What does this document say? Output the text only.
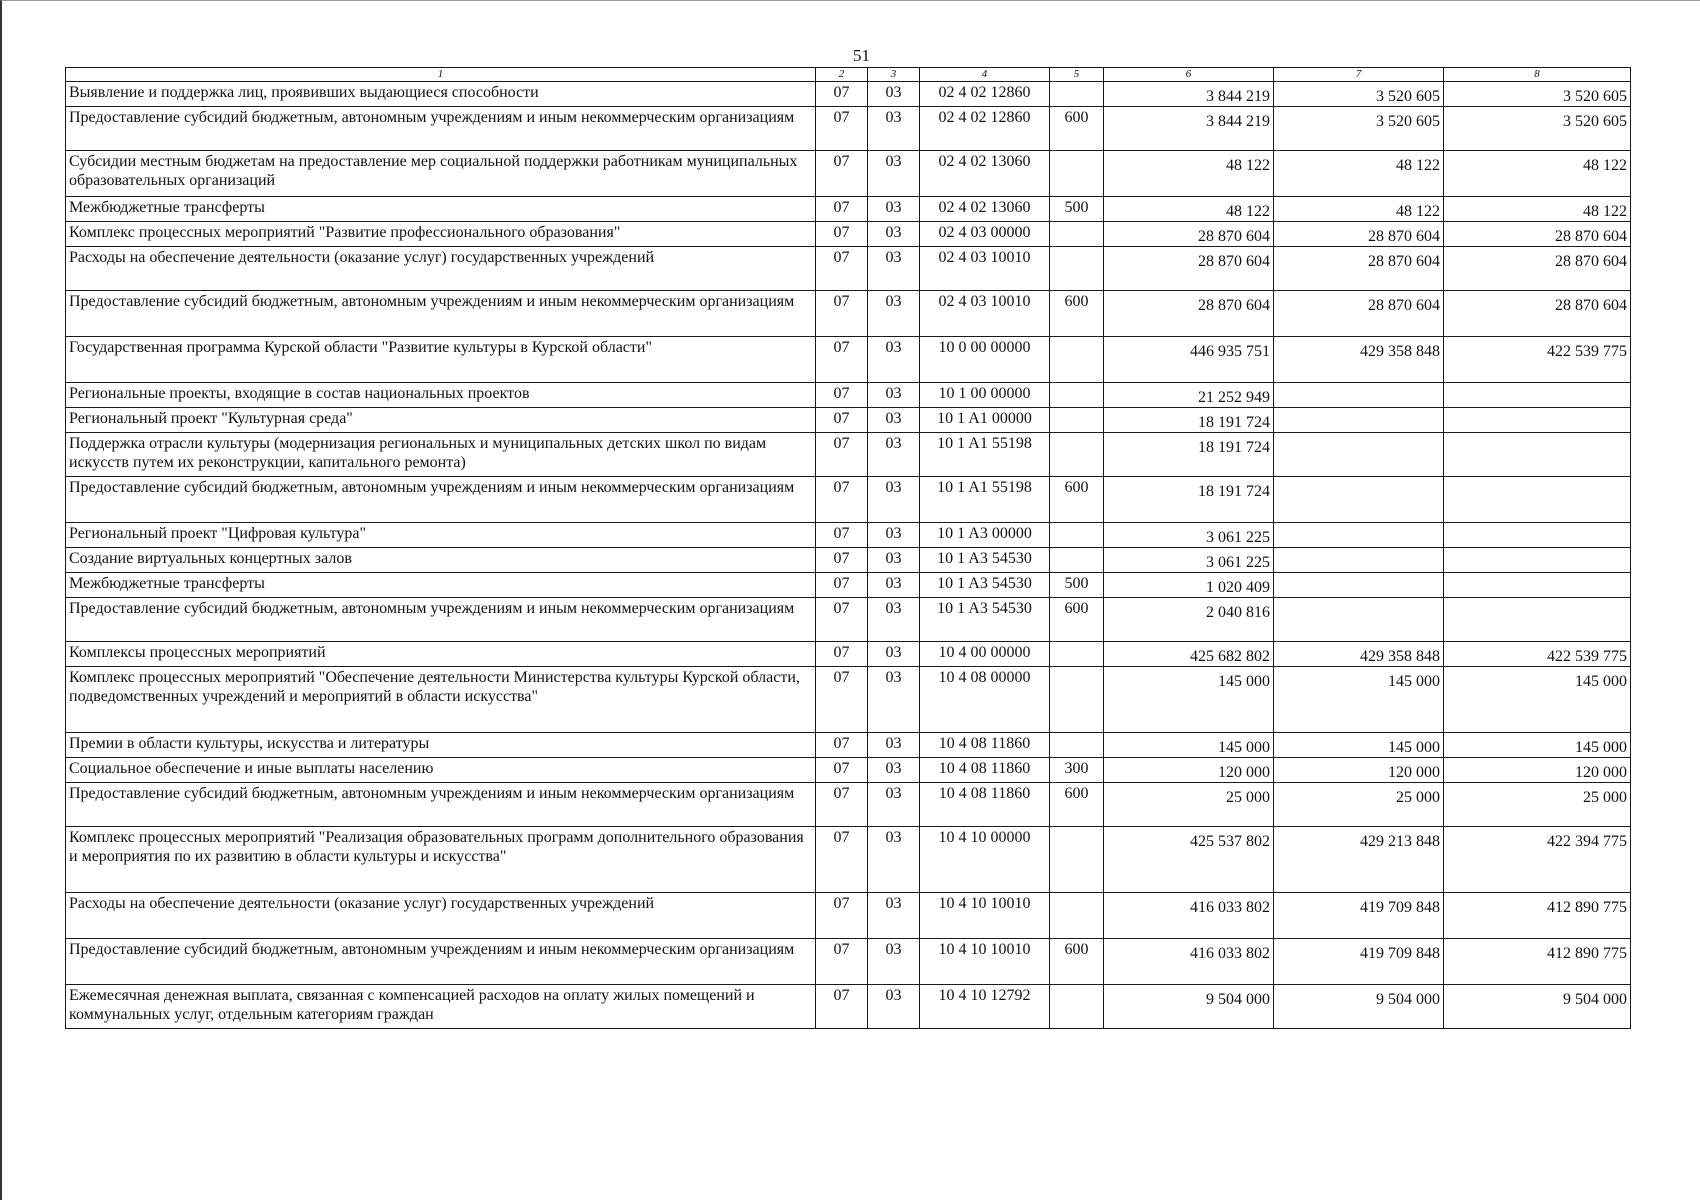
51
1	2	3	4	5	6	7	8
Выявление и поддержка лиц, проявивших выдающиеся способности	07	03	02 4 02 12860		3 844 219	3 520 605	3 520 605
Предоставление субсидий бюджетным, автономным учреждениям и иным некоммерческим организациям	07	03	02 4 02 12860	600	3 844 219	3 520 605	3 520 605
Субсидии местным бюджетам на предоставление мер социальной поддержки работникам муниципальных образовательных организаций	07	03	02 4 02 13060		48 122	48 122	48 122
Межбюджетные трансферты	07	03	02 4 02 13060	500	48 122	48 122	48 122
Комплекс процессных мероприятий "Развитие профессионального образования"	07	03	02 4 03 00000		28 870 604	28 870 604	28 870 604
Расходы на обеспечение деятельности (оказание услуг) государственных учреждений	07	03	02 4 03 10010		28 870 604	28 870 604	28 870 604
Предоставление субсидий бюджетным, автономным учреждениям и иным некоммерческим организациям	07	03	02 4 03 10010	600	28 870 604	28 870 604	28 870 604
Государственная программа Курской области "Развитие культуры в Курской области"	07	03	10 0 00 00000		446 935 751	429 358 848	422 539 775
Региональные проекты, входящие в состав национальных проектов	07	03	10 1 00 00000		21 252 949		
Региональный проект "Культурная среда"	07	03	10 1 A1 00000		18 191 724		
Поддержка отрасли культуры (модернизация региональных и муниципальных детских школ по видам искусств путем их реконструкции, капитального ремонта)	07	03	10 1 A1 55198		18 191 724		
Предоставление субсидий бюджетным, автономным учреждениям и иным некоммерческим организациям	07	03	10 1 A1 55198	600	18 191 724		
Региональный проект "Цифровая культура"	07	03	10 1 A3 00000		3 061 225		
Создание виртуальных концертных залов	07	03	10 1 A3 54530		3 061 225		
Межбюджетные трансферты	07	03	10 1 A3 54530	500	1 020 409		
Предоставление субсидий бюджетным, автономным учреждениям и иным некоммерческим организациям	07	03	10 1 A3 54530	600	2 040 816		
Комплексы процессных мероприятий	07	03	10 4 00 00000		425 682 802	429 358 848	422 539 775
Комплекс процессных мероприятий "Обеспечение деятельности Министерства культуры Курской области, подведомственных учреждений и мероприятий в области искусства"	07	03	10 4 08 00000		145 000	145 000	145 000
Премии в области культуры, искусства и литературы	07	03	10 4 08 11860		145 000	145 000	145 000
Социальное обеспечение и иные выплаты населению	07	03	10 4 08 11860	300	120 000	120 000	120 000
Предоставление субсидий бюджетным, автономным учреждениям и иным некоммерческим организациям	07	03	10 4 08 11860	600	25 000	25 000	25 000
Комплекс процессных мероприятий "Реализация образовательных программ дополнительного образования и мероприятия по их развитию в области культуры и искусства"	07	03	10 4 10 00000		425 537 802	429 213 848	422 394 775
Расходы на обеспечение деятельности (оказание услуг) государственных учреждений	07	03	10 4 10 10010		416 033 802	419 709 848	412 890 775
Предоставление субсидий бюджетным, автономным учреждениям и иным некоммерческим организациям	07	03	10 4 10 10010	600	416 033 802	419 709 848	412 890 775
Ежемесячная денежная выплата, связанная с компенсацией расходов на оплату жилых помещений и коммунальных услуг, отдельным категориям граждан	07	03	10 4 10 12792		9 504 000	9 504 000	9 504 000
